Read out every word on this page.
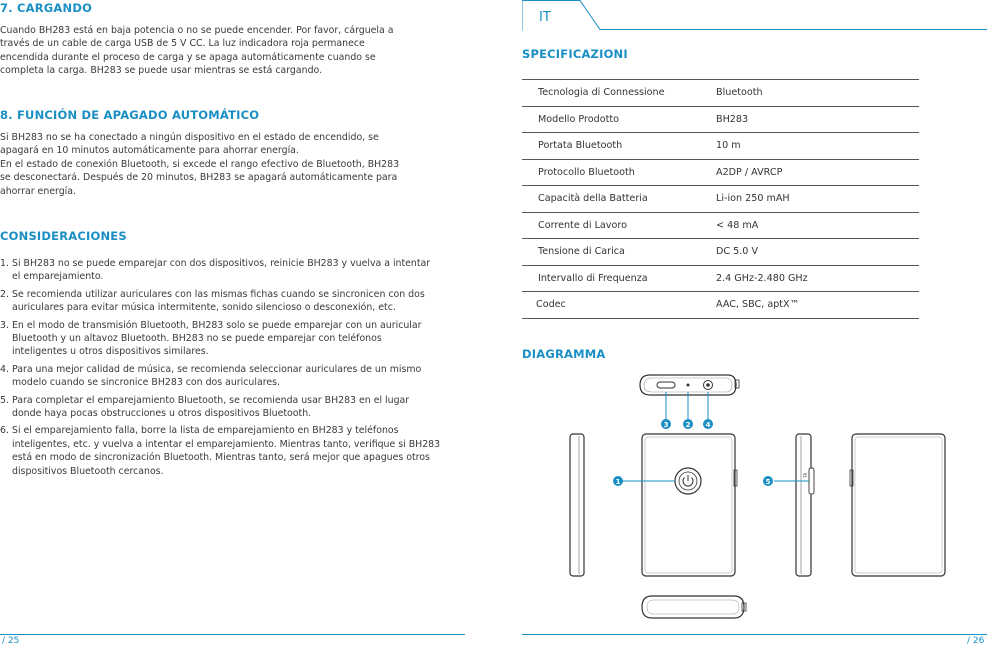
7. CARGANDO
Cuando BH283 está en baja potencia o no se puede encender. Por favor, cárguela a
través de un cable de carga USB de 5 V CC. La luz indicadora roja permanece
encendida durante el proceso de carga y se apaga automáticamente cuando se
completa la carga. BH283 se puede usar mientras se está cargando.
8. FUNCIÓN DE APAGADO AUTOMÁTICO
Si BH283 no se ha conectado a ningún dispositivo en el estado de encendido, se
apagará en 10 minutos automáticamente para ahorrar energía.
En el estado de conexión Bluetooth, si excede el rango efectivo de Bluetooth, BH283
se desconectará. Después de 20 minutos, BH283 se apagará automáticamente para
ahorrar energía.
CONSIDERACIONES
1. Si BH283 no se puede emparejar con dos dispositivos, reinicie BH283 y vuelva a intentar
el emparejamiento.
2. Se recomienda utilizar auriculares con las mismas fichas cuando se sincronicen con dos
auriculares para evitar música intermitente, sonido silencioso o desconexión, etc.
3. En el modo de transmisión Bluetooth, BH283 solo se puede emparejar con un auricular
Bluetooth y un altavoz Bluetooth. BH283 no se puede emparejar con teléfonos
inteligentes u otros dispositivos similares.
4. Para una mejor calidad de música, se recomienda seleccionar auriculares de un mismo
modelo cuando se sincronice BH283 con dos auriculares.
5. Para completar el emparejamiento Bluetooth, se recomienda usar BH283 en el lugar
donde haya pocas obstrucciones u otros dispositivos Bluetooth.
6. Si el emparejamiento falla, borre la lista de emparejamiento en BH283 y teléfonos
inteligentes, etc. y vuelva a intentar el emparejamiento. Mientras tanto, verifique si BH283
está en modo de sincronización Bluetooth. Mientras tanto, será mejor que apagues otros
dispositivos Bluetooth cercanos.
/ 25
IT
SPECIFICAZIONI
Tecnologia di Connessione	Bluetooth
Modello Prodotto	BH283
Portata Bluetooth	10 m
Protocollo Bluetooth	A2DP / AVRCP
Capacità della Batteria	Li-ion 250 mAH
Corrente di Lavoro	< 48 mA
Tensione di Carica	DC 5.0 V
Intervallo di Frequenza	2.4 GHz-2.480 GHz
Codec	AAC, SBC, aptX™
DIAGRAMMA
3 2 4
1
TR
5
/ 26
